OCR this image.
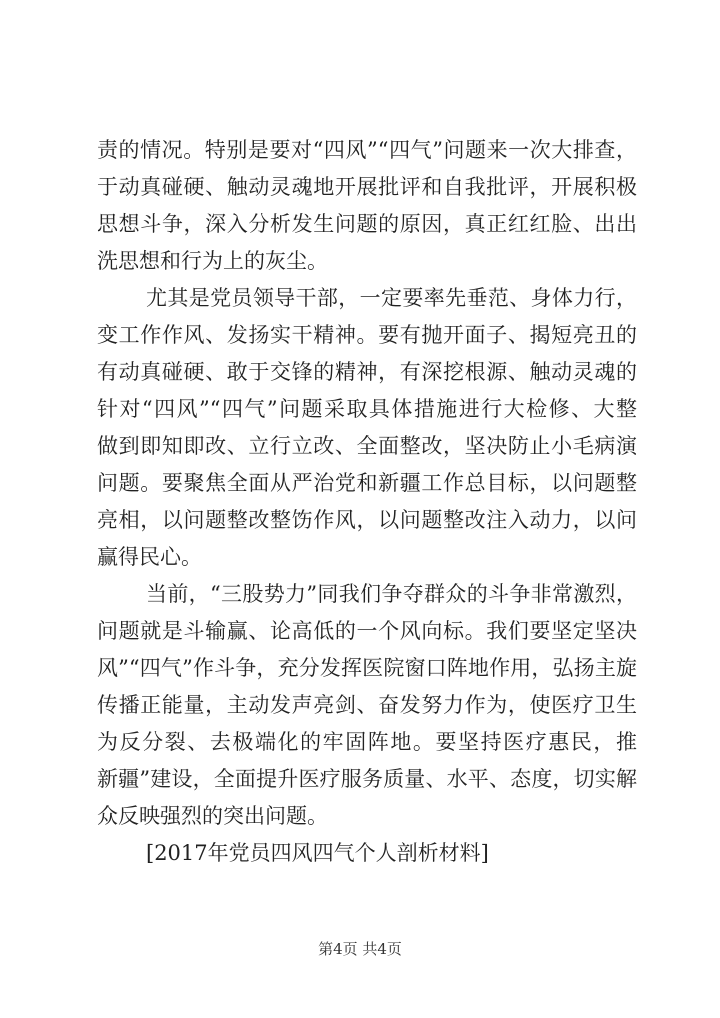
责的情况。特别是要对“四风”“四气”问题来一次大排查，
于动真碰硬、触动灵魂地开展批评和自我批评，开展积极
思想斗争，深入分析发生问题的原因，真正红红脸、出出
洗思想和行为上的灰尘。
尤其是党员领导干部，一定要率先垂范、身体力行，
变工作作风、发扬实干精神。要有抛开面子、揭短亮丑的
有动真碰硬、敢于交锋的精神，有深挖根源、触动灵魂的
针对“四风”“四气”问题采取具体措施进行大检修、大整
做到即知即改、立行立改、全面整改，坚决防止小毛病演
问题。要聚焦全面从严治党和新疆工作总目标，以问题整
亮相，以问题整改整饬作风，以问题整改注入动力，以问
赢得民心。
当前，“三股势力”同我们争夺群众的斗争非常激烈，
问题就是斗输赢、论高低的一个风向标。我们要坚定坚决
风”“四气”作斗争，充分发挥医院窗口阵地作用，弘扬主旋
传播正能量，主动发声亮剑、奋发努力作为，使医疗卫生
为反分裂、去极端化的牢固阵地。要坚持医疗惠民，推
新疆”建设，全面提升医疗服务质量、水平、态度，切实解
众反映强烈的突出问题。
[2017年党员四风四气个人剖析材料]
第4页 共4页
